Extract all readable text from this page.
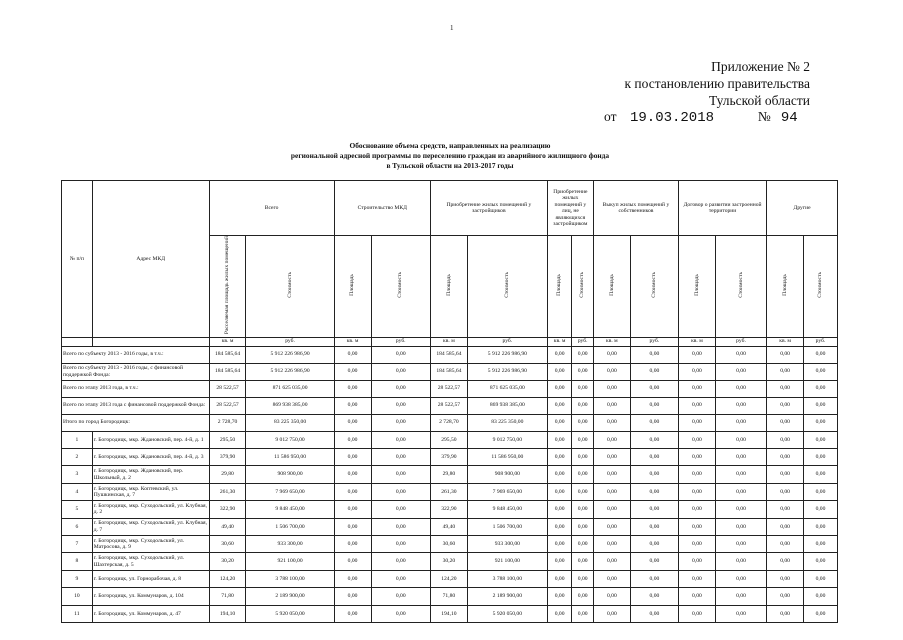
1
Приложение № 2
к постановлению правительства
Тульской области
от 19.03.2018	№ 94
Обоснование объема средств, направленных на реализацию
региональной адресной программы по переселению граждан из аварийного жилищного фонда
в Тульской области на 2013-2017 годы
№ п/п	Адрес МКД	Всего		Строительство МКД		Приобретение жилых помещений у застройщиков		Приобретение жилых помещений у лиц, не являющихся застройщиком		Выкуп жилых помещений у собственников		Договор о развитии застроенной территории		Другие	
		Расселяемая площадь жилых помещений	Стоимость	Площадь	Стоимость	Площадь	Стоимость	Площадь	Стоимость	Площадь	Стоимость	Площадь	Стоимость	Площадь	Стоимость
		кв. м	руб.	кв. м	руб.	кв. м	руб.	кв. м	руб.	кв. м	руб.	кв. м	руб.	кв. м	руб.
Всего по субъекту 2013 - 2016 годы, в т.ч.:		184 585,64	5 912 226 986,90	0,00	0,00	184 585,64	5 912 226 986,90	0,00	0,00	0,00	0,00	0,00	0,00	0,00	0,00
Всего по субъекту 2013 - 2016 годы, с финансовой поддержкой Фонда:		184 585,64	5 912 226 986,90	0,00	0,00	184 585,64	5 912 226 986,90	0,00	0,00	0,00	0,00	0,00	0,00	0,00	0,00
Всего по этапу 2013 года, в т.ч.:		28 522,57	871 625 035,00	0,00	0,00	28 522,57	871 625 035,00	0,00	0,00	0,00	0,00	0,00	0,00	0,00	0,00
Всего по этапу 2013 года с финансовой поддержкой Фонда:		28 522,57	869 938 385,00	0,00	0,00	28 522,57	869 938 385,00	0,00	0,00	0,00	0,00	0,00	0,00	0,00	0,00
Итого по город Богородицк:		2 728,70	83 225 350,00	0,00	0,00	2 728,70	83 225 350,00	0,00	0,00	0,00	0,00	0,00	0,00	0,00	0,00
1	г. Богородицк, мкр. Ждановский, пер. 4-й, д. 1	295,50	9 012 750,00	0,00	0,00	295,50	9 012 750,00	0,00	0,00	0,00	0,00	0,00	0,00	0,00	0,00
2	г. Богородицк, мкр. Ждановский, пер. 4-й, д. 3	379,90	11 586 950,00	0,00	0,00	379,90	11 586 950,00	0,00	0,00	0,00	0,00	0,00	0,00	0,00	0,00
3	г. Богородицк, мкр. Ждановский, пер. Школьный, д. 2	29,80	908 900,00	0,00	0,00	29,80	908 900,00	0,00	0,00	0,00	0,00	0,00	0,00	0,00	0,00
4	г. Богородицк, мкр. Коптевский, ул. Пушкинская, д. 7	261,30	7 969 650,00	0,00	0,00	261,30	7 969 650,00	0,00	0,00	0,00	0,00	0,00	0,00	0,00	0,00
5	г. Богородицк, мкр. Суходольский, ул. Клубная, д. 2	322,90	9 848 450,00	0,00	0,00	322,90	9 848 450,00	0,00	0,00	0,00	0,00	0,00	0,00	0,00	0,00
6	г. Богородицк, мкр. Суходольский, ул. Клубная, д. 7	49,40	1 506 700,00	0,00	0,00	49,40	1 506 700,00	0,00	0,00	0,00	0,00	0,00	0,00	0,00	0,00
7	г. Богородицк, мкр. Суходольский, ул. Матросова, д. 9	30,60	933 300,00	0,00	0,00	30,60	933 300,00	0,00	0,00	0,00	0,00	0,00	0,00	0,00	0,00
8	г. Богородицк, мкр. Суходольский, ул. Шахтерская, д. 5	30,20	921 100,00	0,00	0,00	30,20	921 100,00	0,00	0,00	0,00	0,00	0,00	0,00	0,00	0,00
9	г. Богородицк, ул. Горнорабочая, д. 8	124,20	3 788 100,00	0,00	0,00	124,20	3 788 100,00	0,00	0,00	0,00	0,00	0,00	0,00	0,00	0,00
10	г. Богородицк, ул. Коммунаров, д. 104	71,80	2 189 900,00	0,00	0,00	71,80	2 189 900,00	0,00	0,00	0,00	0,00	0,00	0,00	0,00	0,00
11	г. Богородицк, ул. Коммунаров, д. 47	194,10	5 920 050,00	0,00	0,00	194,10	5 920 050,00	0,00	0,00	0,00	0,00	0,00	0,00	0,00	0,00
